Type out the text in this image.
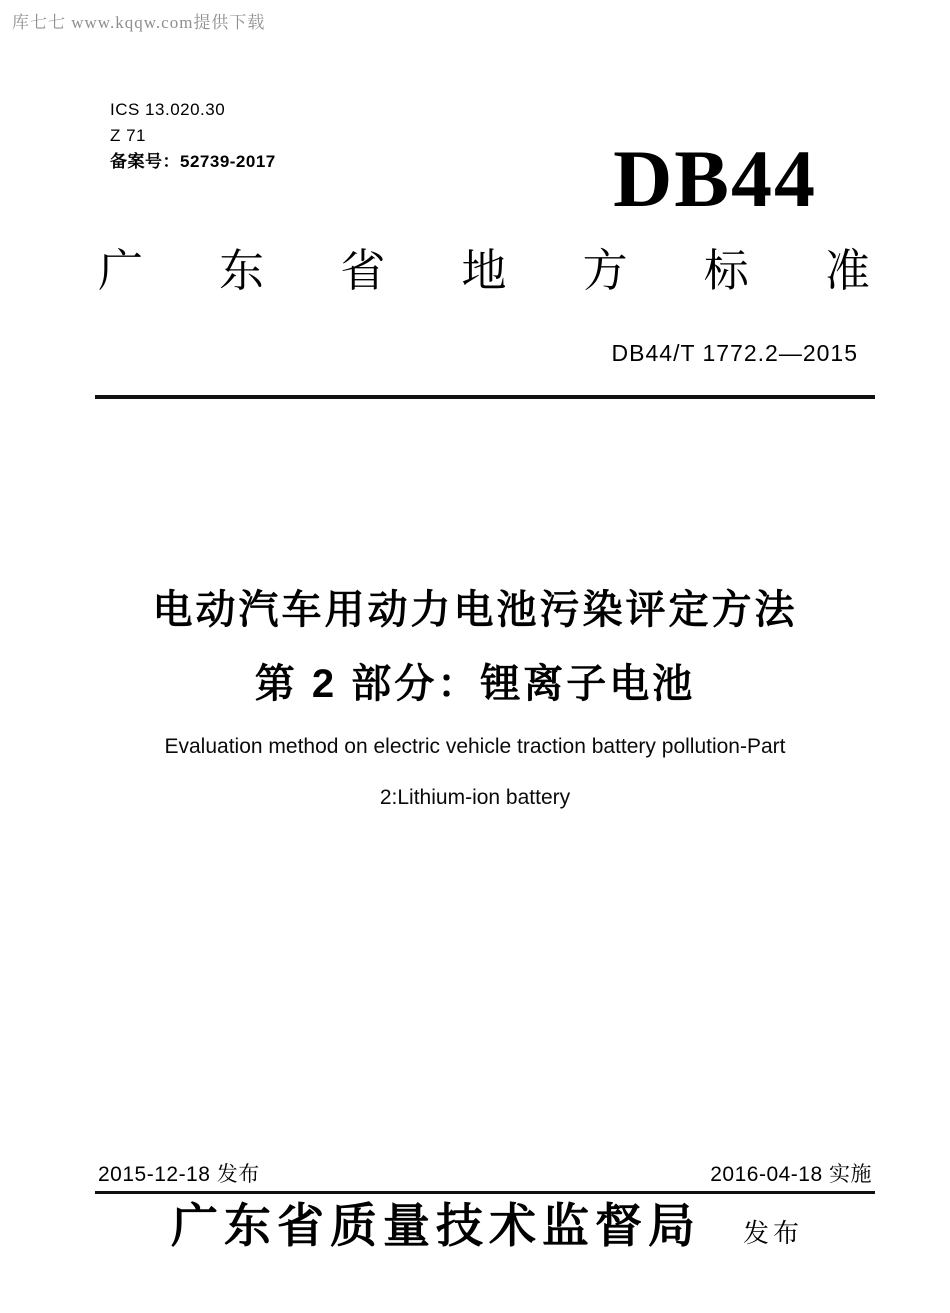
库七七 www.kqqw.com提供下载
ICS 13.020.30
Z 71
备案号：52739-2017	DB44
广 东 省 地 方 标 准
DB44/T 1772.2—2015
电动汽车用动力电池污染评定方法
第 2 部分：锂离子电池
Evaluation method on electric vehicle traction battery pollution-Part
2:Lithium-ion battery
2015-12-18 发布	2016-04-18 实施
广东省质量技术监督局 发布
